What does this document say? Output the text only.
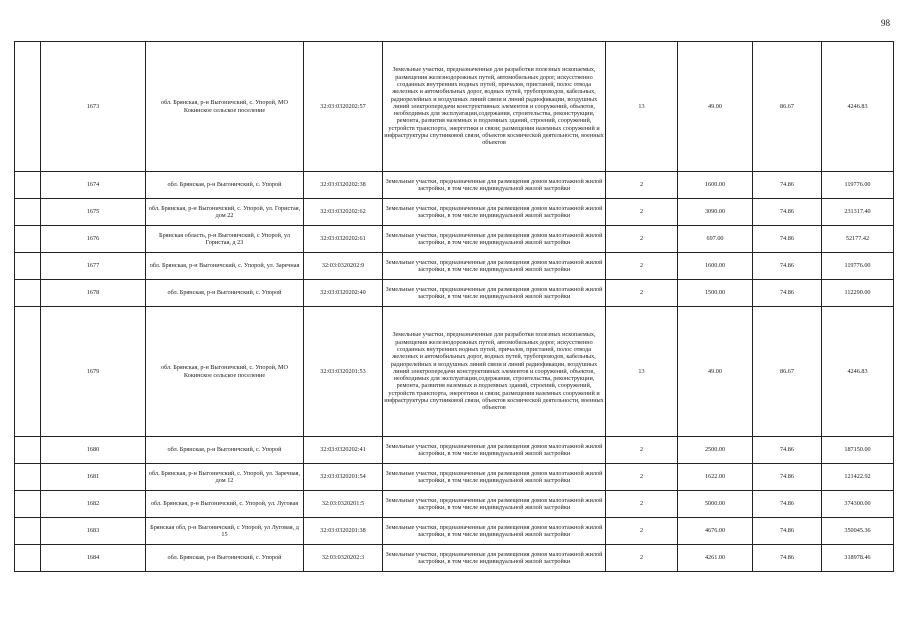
98
	1673	обл. Брянская, р-н Выгоничский, с. Упорой, МО Кокинское сельское поселение	32:03:0320202:57	Земельные участки, предназначенные для разработки полезных ископаемых, размещения железнодорожных путей, автомобильных дорог, искусственно созданных внутренних водных путей, причалов, пристаней, полос отвода железных и автомобильных дорог, водных путей, трубопроводов, кабельных, радиорелейных и воздушных линий связи и линий радиофикации, воздушных линий электропередачи конструктивных элементов и сооружений, объектов, необходимых для эксплуатации,содержания, строительства, реконструкции, ремонта, развития наземных и подземных зданий, строений, сооружений, устройств транспорта, энергетики и связи; размещения наземных сооружений и инфраструктуры спутниковой связи, объектов космической деятельности, военных объектов	13	49.00	86.67	4246.83
	1674	обл. Брянская, р-н Выгоничский, с. Упорой	32:03:0320202:38	Земельные участки, предназначенные для размещения домов малоэтажной жилой застройки, в том числе индивидуальной жилой застройки	2	1600.00	74.86	119776.00
	1675	обл. Брянская, р-н Выгоничский, с. Упорой, ул. Гористая, дом 22	32:03:0320202:62	Земельные участки, предназначенные для размещения домов малоэтажной жилой застройки, в том числе индивидуальной жилой застройки	2	3090.00	74.86	231317.40
	1676	Брянская область, р-н Выгоничский, с Упорой, ул Гористая, д 23	32:03:0320202:61	Земельные участки, предназначенные для размещения домов малоэтажной жилой застройки, в том числе индивидуальной жилой застройки	2	697.00	74.86	52177.42
	1677	обл. Брянская, р-н Выгоничский, с. Упорой, ул. Заречная	32:03:0320202:9	Земельные участки, предназначенные для размещения домов малоэтажной жилой застройки, в том числе индивидуальной жилой застройки	2	1600.00	74.86	119776.00
	1678	обл. Брянская, р-н Выгоничский, с. Упорой	32:03:0320202:40	Земельные участки, предназначенные для размещения домов малоэтажной жилой застройки, в том числе индивидуальной жилой застройки	2	1500.00	74.86	112290.00
	1679	обл. Брянская, р-н Выгоничский, с. Упорой, МО Кокинское сельское поселение	32:03:0320201:53	Земельные участки, предназначенные для разработки полезных ископаемых, размещения железнодорожных путей, автомобильных дорог, искусственно созданных внутренних водных путей, причалов, пристаней, полос отвода железных и автомобильных дорог, водных путей, трубопроводов, кабельных, радиорелейных и воздушных линий связи и линий радиофикации, воздушных линий электропередачи конструктивных элементов и сооружений, объектов, необходимых для эксплуатации,содержания, строительства, реконструкции, ремонта, развития наземных и подземных зданий, строений, сооружений, устройств транспорта, энергетики и связи; размещения наземных сооружений и инфраструктуры спутниковой связи, объектов космической деятельности, военных объектов	13	49.00	86.67	4246.83
	1680	обл. Брянская, р-н Выгоничский, с. Упорой	32:03:0320202:41	Земельные участки, предназначенные для размещения домов малоэтажной жилой застройки, в том числе индивидуальной жилой застройки	2	2500.00	74.86	187150.00
	1681	обл. Брянская, р-н Выгоничский, с. Упорой, ул. Заречная, дом 12	32:03:0320201:54	Земельные участки, предназначенные для размещения домов малоэтажной жилой застройки, в том числе индивидуальной жилой застройки	2	1622.00	74.86	121422.92
	1682	обл. Брянская, р-н Выгоничский, с. Упорой, ул. Луговая	32:03:0320201:5	Земельные участки, предназначенные для размещения домов малоэтажной жилой застройки, в том числе индивидуальной жилой застройки	2	5000.00	74.86	374300.00
	1683	Брянская обл, р-н Выгоничский, с Упорой, ул Луговая, д 15	32:03:0320201:38	Земельные участки, предназначенные для размещения домов малоэтажной жилой застройки, в том числе индивидуальной жилой застройки	2	4676.00	74.86	350045.36
	1684	обл. Брянская, р-н Выгоничский, с. Упорой	32:03:0320202:3	Земельные участки, предназначенные для размещения домов малоэтажной жилой застройки, в том числе индивидуальной жилой застройки	2	4261.00	74.86	318978.46
